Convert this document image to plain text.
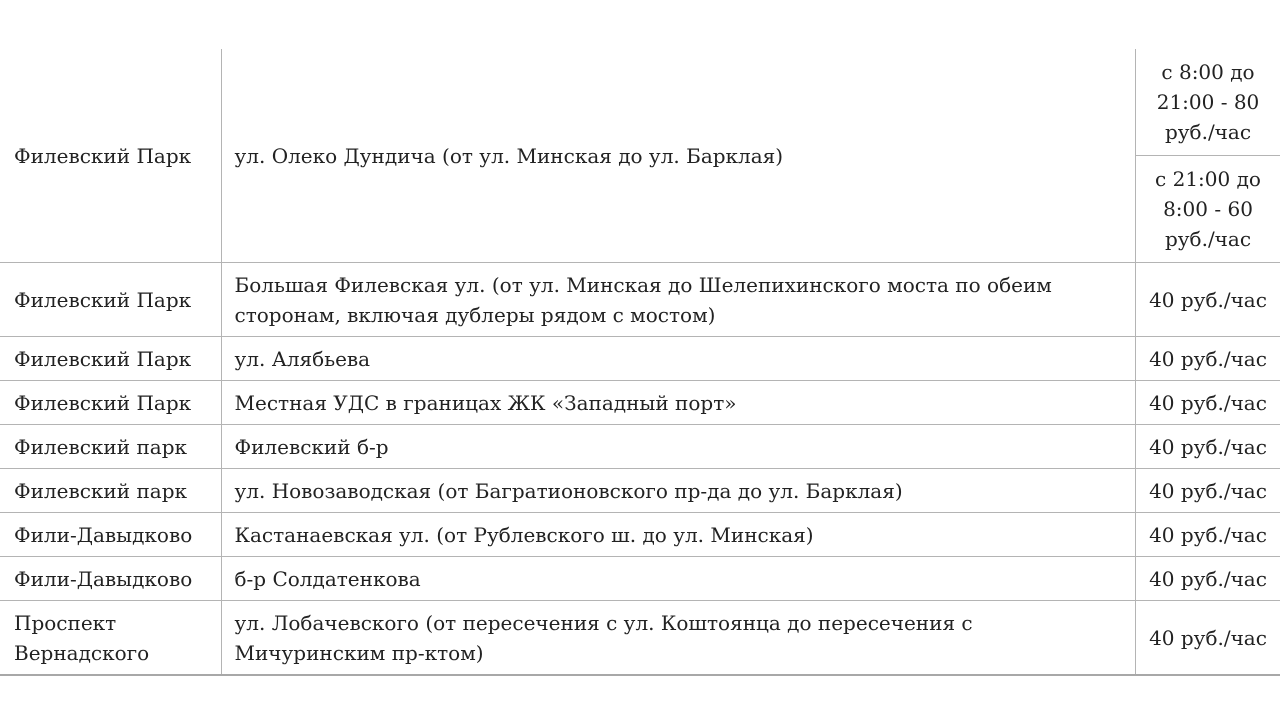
Филевский Парк	ул. Олеко Дундича (от ул. Минская до ул. Барклая)	с 8:00 до 21:00 - 80 руб./час
		с 21:00 до 8:00 - 60 руб./час
Филевский Парк	Большая Филевская ул. (от ул. Минская до Шелепихинского моста по обеим сторонам, включая дублеры рядом с мостом)	40 руб./час
Филевский Парк	ул. Алябьева	40 руб./час
Филевский Парк	Местная УДС в границах ЖК «Западный порт»	40 руб./час
Филевский парк	Филевский б-р	40 руб./час
Филевский парк	ул. Новозаводская (от Багратионовского пр-да до ул. Барклая)	40 руб./час
Фили-Давыдково	Кастанаевская ул. (от Рублевского ш. до ул. Минская)	40 руб./час
Фили-Давыдково	б-р Солдатенкова	40 руб./час
Проспект Вернадского	ул. Лобачевского (от пересечения с ул. Коштоянца до пересечения с Мичуринским пр-ктом)	40 руб./час
